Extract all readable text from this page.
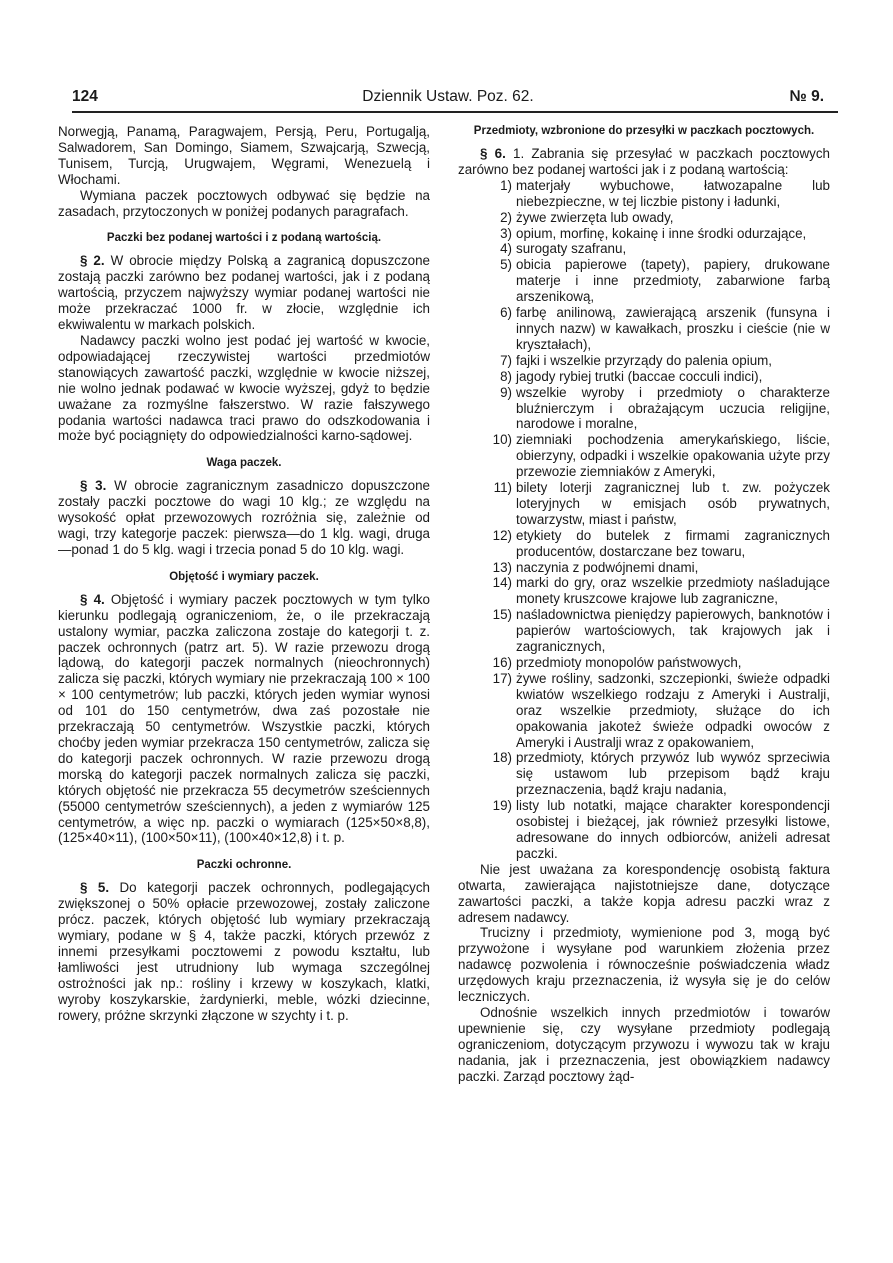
124	Dziennik Ustaw. Poz. 62.	№ 9.

Norwegją, Panamą, Paragwajem, Persją, Peru, Portugalją, Salwadorem, San Domingo, Siamem, Szwajcarją, Szwecją, Tunisem, Turcją, Urugwajem, Węgrami, Wenezuelą i Włochami.

Wymiana paczek pocztowych odbywać się będzie na zasadach, przytoczonych w poniżej podanych paragrafach.

Paczki bez podanej wartości i z podaną wartością.

§ 2. W obrocie między Polską a zagranicą dopuszczone zostają paczki zarówno bez podanej wartości, jak i z podaną wartością, przyczem najwyższy wymiar podanej wartości nie może przekraczać 1000 fr. w złocie, względnie ich ekwiwalentu w markach polskich.

Nadawcy paczki wolno jest podać jej wartość w kwocie, odpowiadającej rzeczywistej wartości przedmiotów stanowiących zawartość paczki, względnie w kwocie niższej, nie wolno jednak podawać w kwocie wyższej, gdyż to będzie uważane za rozmyślne fałszerstwo. W razie fałszywego podania wartości nadawca traci prawo do odszkodowania i może być pociągnięty do odpowiedzialności karno-sądowej.

Waga paczek.

§ 3. W obrocie zagranicznym zasadniczo dopuszczone zostały paczki pocztowe do wagi 10 klg.; ze względu na wysokość opłat przewozowych rozróżnia się, zależnie od wagi, trzy kategorje paczek: pierwsza—do 1 klg. wagi, druga—ponad 1 do 5 klg. wagi i trzecia ponad 5 do 10 klg. wagi.

Objętość i wymiary paczek.

§ 4. Objętość i wymiary paczek pocztowych w tym tylko kierunku podlegają ograniczeniom, że, o ile przekraczają ustalony wymiar, paczka zaliczona zostaje do kategorji t. z. paczek ochronnych (patrz art. 5). W razie przewozu drogą lądową, do kategorji paczek normalnych (nieochronnych) zalicza się paczki, których wymiary nie przekraczają 100 × 100 × 100 centymetrów; lub paczki, których jeden wymiar wynosi od 101 do 150 centymetrów, dwa zaś pozostałe nie przekraczają 50 centymetrów. Wszystkie paczki, których choćby jeden wymiar przekracza 150 centymetrów, zalicza się do kategorji paczek ochronnych. W razie przewozu drogą morską do kategorji paczek normalnych zalicza się paczki, których objętość nie przekracza 55 decymetrów sześciennych (55000 centymetrów sześciennych), a jeden z wymiarów 125 centymetrów, a więc np. paczki o wymiarach (125×50×8,8), (125×40×11), (100×50×11), (100×40×12,8) i t. p.

Paczki ochronne.

§ 5. Do kategorji paczek ochronnych, podlegających zwiększonej o 50% opłacie przewozowej, zostały zaliczone prócz. paczek, których objętość lub wymiary przekraczają wymiary, podane w § 4, także paczki, których przewóz z innemi przesyłkami pocztowemi z powodu kształtu, lub łamliwości jest utrudniony lub wymaga szczególnej ostrożności jak np.: rośliny i krzewy w koszykach, klatki, wyroby koszykarskie, żardynierki, meble, wózki dziecinne, rowery, próżne skrzynki złączone w szychty i t. p.

Przedmioty, wzbronione do przesyłki w paczkach pocztowych.

§ 6. 1. Zabrania się przesyłać w paczkach pocztowych zarówno bez podanej wartości jak i z podaną wartością:

1) materjały wybuchowe, łatwozapalne lub niebezpieczne, w tej liczbie pistony i ładunki,
2) żywe zwierzęta lub owady,
3) opium, morfinę, kokainę i inne środki odurzające,
4) surogaty szafranu,
5) obicia papierowe (tapety), papiery, drukowane materje i inne przedmioty, zabarwione farbą arszenikową,
6) farbę anilinową, zawierającą arszenik (funsyna i innych nazw) w kawałkach, proszku i cieście (nie w kryształach),
7) fajki i wszelkie przyrządy do palenia opium,
8) jagody rybiej trutki (baccae cocculi indici),
9) wszelkie wyroby i przedmioty o charakterze bluźnierczym i obrażającym uczucia religijne, narodowe i moralne,
10) ziemniaki pochodzenia amerykańskiego, liście, obierzyny, odpadki i wszelkie opakowania użyte przy przewozie ziemniaków z Ameryki,
11) bilety loterji zagranicznej lub t. zw. pożyczek loteryjnych w emisjach osób prywatnych, towarzystw, miast i państw,
12) etykiety do butelek z firmami zagranicznych producentów, dostarczane bez towaru,
13) naczynia z podwójnemi dnami,
14) marki do gry, oraz wszelkie przedmioty naśladujące monety kruszcowe krajowe lub zagraniczne,
15) naśladownictwa pieniędzy papierowych, banknotów i papierów wartościowych, tak krajowych jak i zagranicznych,
16) przedmioty monopolów państwowych,
17) żywe rośliny, sadzonki, szczepionki, świeże odpadki kwiatów wszelkiego rodzaju z Ameryki i Australji, oraz wszelkie przedmioty, służące do ich opakowania jakoteż świeże odpadki owoców z Ameryki i Australji wraz z opakowaniem,
18) przedmioty, których przywóz lub wywóz sprzeciwia się ustawom lub przepisom bądź kraju przeznaczenia, bądź kraju nadania,
19) listy lub notatki, mające charakter korespondencji osobistej i bieżącej, jak również przesyłki listowe, adresowane do innych odbiorców, aniżeli adresat paczki.

Nie jest uważana za korespondencję osobistą faktura otwarta, zawierająca najistotniejsze dane, dotyczące zawartości paczki, a także kopja adresu paczki wraz z adresem nadawcy.

Trucizny i przedmioty, wymienione pod 3, mogą być przywożone i wysyłane pod warunkiem złożenia przez nadawcę pozwolenia i równocześnie poświadczenia władz urzędowych kraju przeznaczenia, iż wysyła się je do celów leczniczych.

Odnośnie wszelkich innych przedmiotów i towarów upewnienie się, czy wysyłane przedmioty podlegają ograniczeniom, dotyczącym przywozu i wywozu tak w kraju nadania, jak i przeznaczenia, jest obowiązkiem nadawcy paczki. Zarząd pocztowy żąd-
